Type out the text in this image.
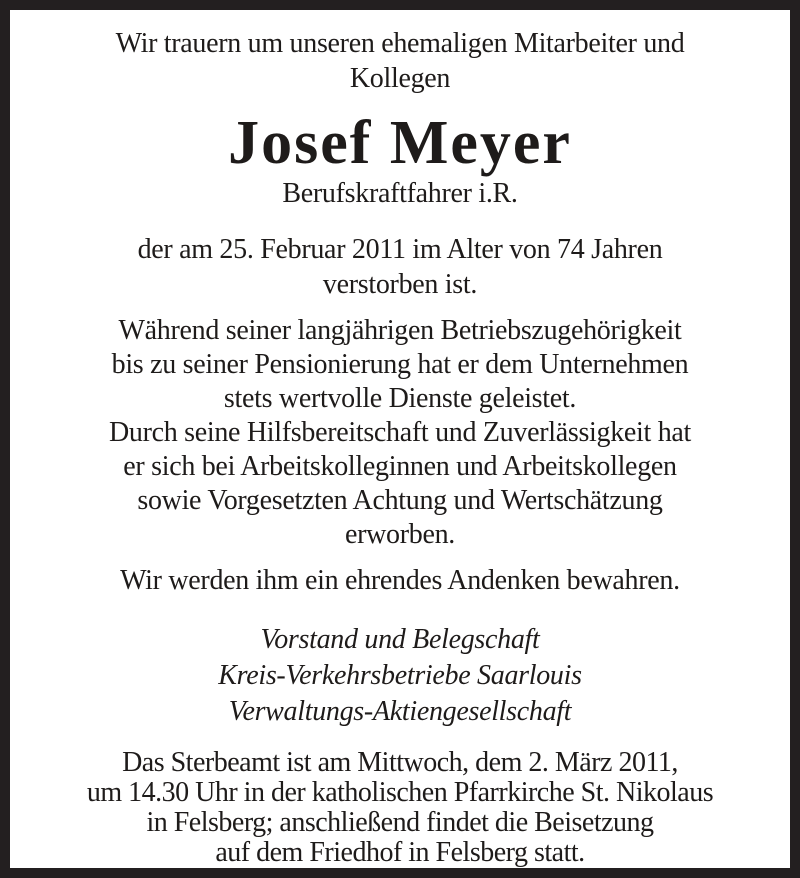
Wir trauern um unseren ehemaligen Mitarbeiter und
Kollegen
Josef Meyer
Berufskraftfahrer i.R.
der am 25. Februar 2011 im Alter von 74 Jahren
verstorben ist.
Während seiner langjährigen Betriebszugehörigkeit
bis zu seiner Pensionierung hat er dem Unternehmen
stets wertvolle Dienste geleistet.
Durch seine Hilfsbereitschaft und Zuverlässigkeit hat
er sich bei Arbeitskolleginnen und Arbeitskollegen
sowie Vorgesetzten Achtung und Wertschätzung
erworben.
Wir werden ihm ein ehrendes Andenken bewahren.
Vorstand und Belegschaft
Kreis-Verkehrsbetriebe Saarlouis
Verwaltungs-Aktiengesellschaft
Das Sterbeamt ist am Mittwoch, dem 2. März 2011,
um 14.30 Uhr in der katholischen Pfarrkirche St. Nikolaus
in Felsberg; anschließend findet die Beisetzung
auf dem Friedhof in Felsberg statt.
